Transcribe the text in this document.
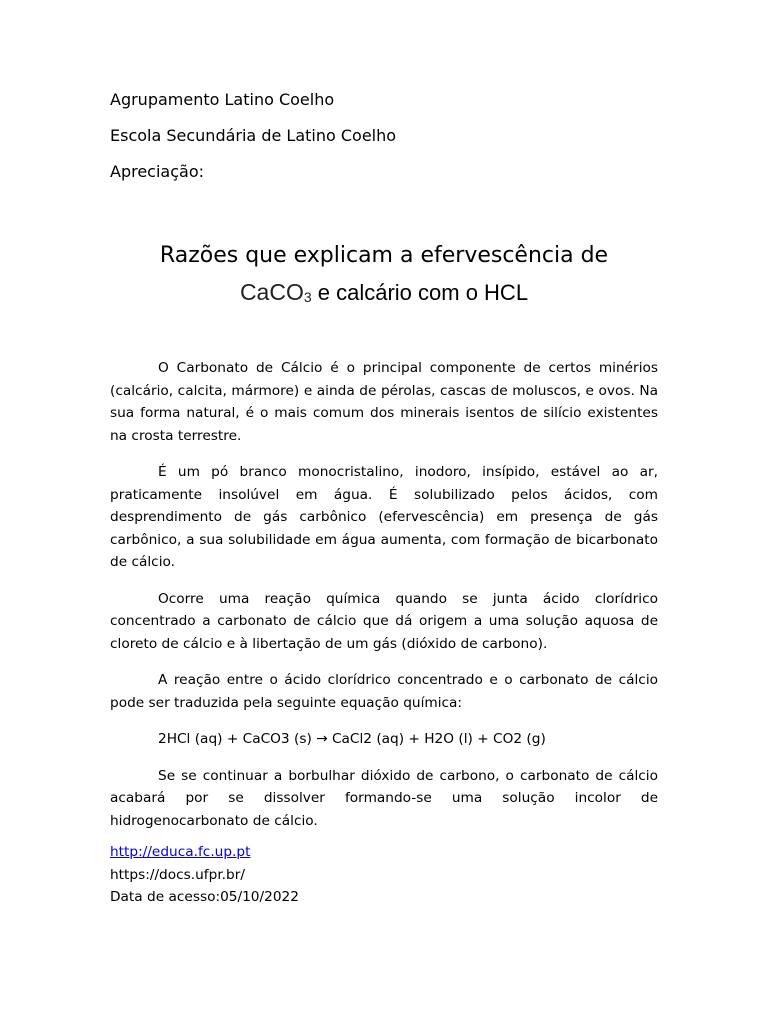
Agrupamento Latino Coelho
Escola Secundária de Latino Coelho
Apreciação:
Razões que explicam a efervescência de
CaCO$_3$ e calcário com o HCL

O Carbonato de Cálcio é o principal componente de certos minérios (calcário, calcita, mármore) e ainda de pérolas, cascas de moluscos, e ovos. Na sua forma natural, é o mais comum dos minerais isentos de silício existentes na crosta terrestre.

É um pó branco monocristalino, inodoro, insípido, estável ao ar, praticamente insolúvel em água. É solubilizado pelos ácidos, com desprendimento de gás carbônico (efervescência) em presença de gás carbônico, a sua solubilidade em água aumenta, com formação de bicarbonato de cálcio.

Ocorre uma reação química quando se junta ácido clorídrico concentrado a carbonato de cálcio que dá origem a uma solução aquosa de cloreto de cálcio e à libertação de um gás (dióxido de carbono).

A reação entre o ácido clorídrico concentrado e o carbonato de cálcio pode ser traduzida pela seguinte equação química:

2HCl (aq) + CaCO3 (s) → CaCl2 (aq) + H2O (l) + CO2 (g)

Se se continuar a borbulhar dióxido de carbono, o carbonato de cálcio acabará por se dissolver formando-se uma solução incolor de hidrogenocarbonato de cálcio.

http://educa.fc.up.pt
https://docs.ufpr.br/
Data de acesso:05/10/2022
